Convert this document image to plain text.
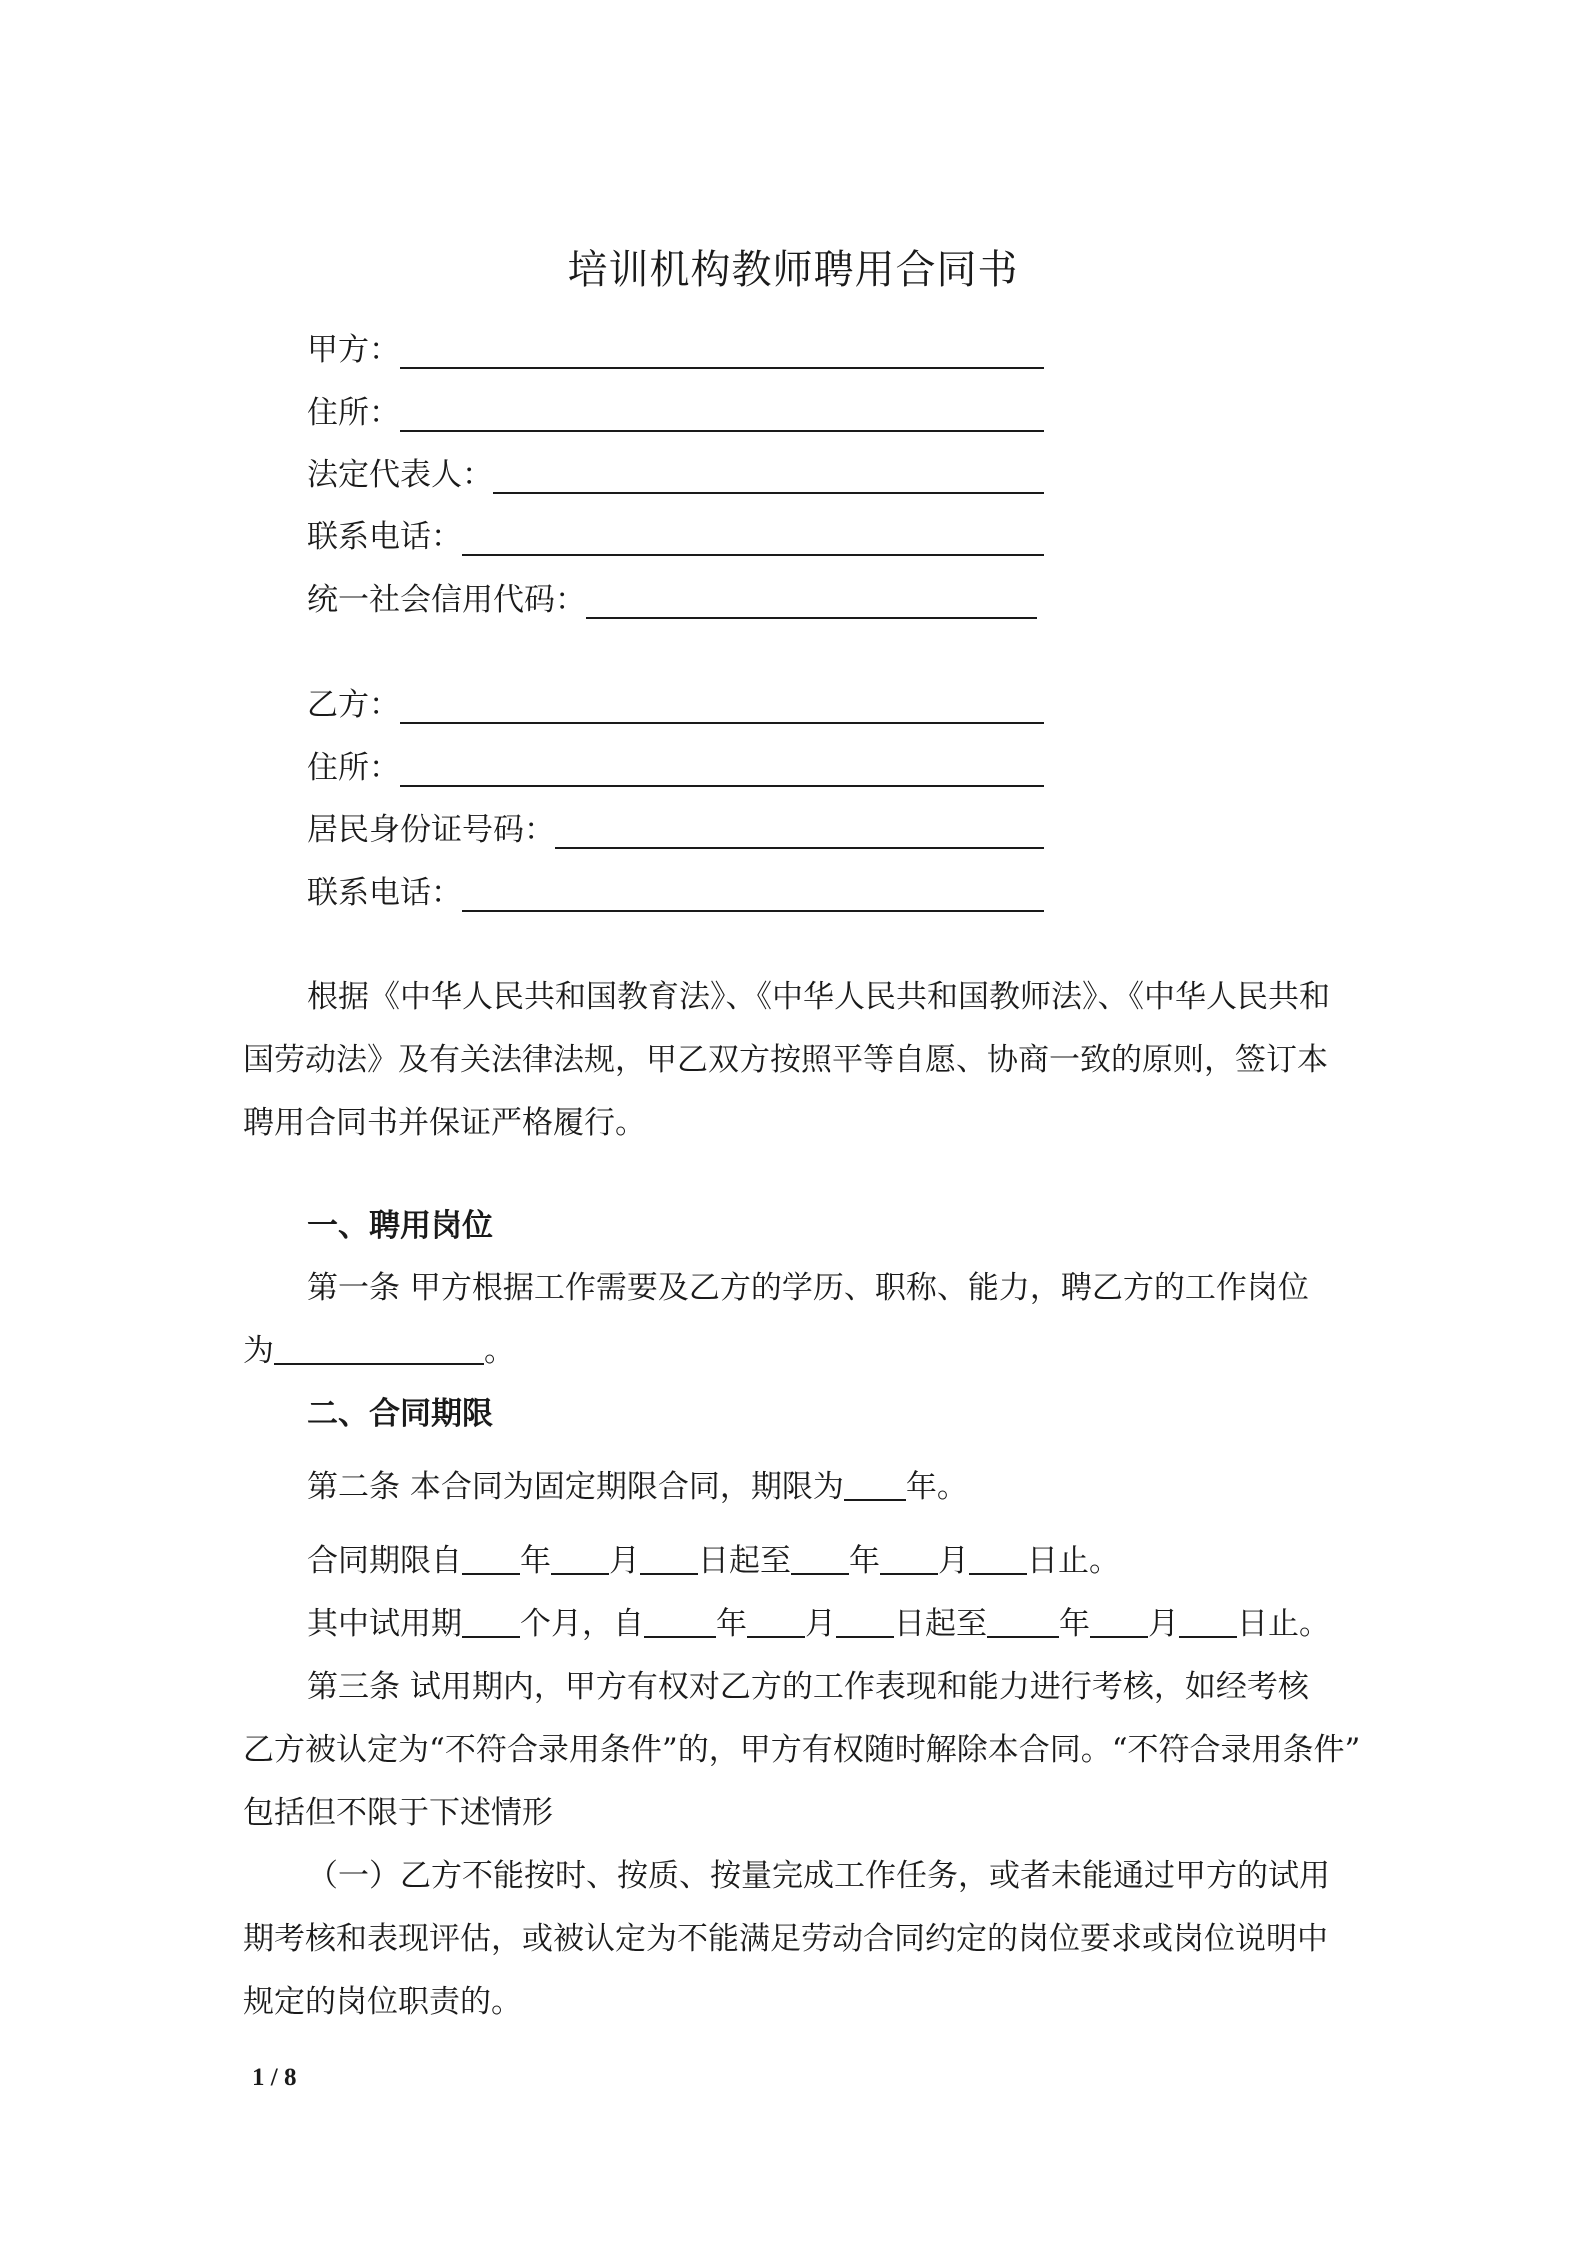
培训机构教师聘用合同书
甲方：
住所：
法定代表人：
联系电话：
统一社会信用代码：
乙方：
住所：
居民身份证号码：
联系电话：
根据《中华人民共和国教育法》、《中华人民共和国教师法》、《中华人民共和
国劳动法》及有关法律法规，甲乙双方按照平等自愿、协商一致的原则，签订本
聘用合同书并保证严格履行。
一、聘用岗位
第一条 甲方根据工作需要及乙方的学历、职称、能力，聘乙方的工作岗位
为	。
二、合同期限
第二条 本合同为固定期限合同，期限为 年。
合同期限自 年 月 日起至 年 月 日止。
其中试用期 个月，自 年 月 日起至 年 月 日止。
第三条 试用期内，甲方有权对乙方的工作表现和能力进行考核，如经考核
乙方被认定为“不符合录用条件”的，甲方有权随时解除本合同。“不符合录用条件”
包括但不限于下述情形
（一）乙方不能按时、按质、按量完成工作任务，或者未能通过甲方的试用
期考核和表现评估，或被认定为不能满足劳动合同约定的岗位要求或岗位说明中
规定的岗位职责的。
1 / 8
